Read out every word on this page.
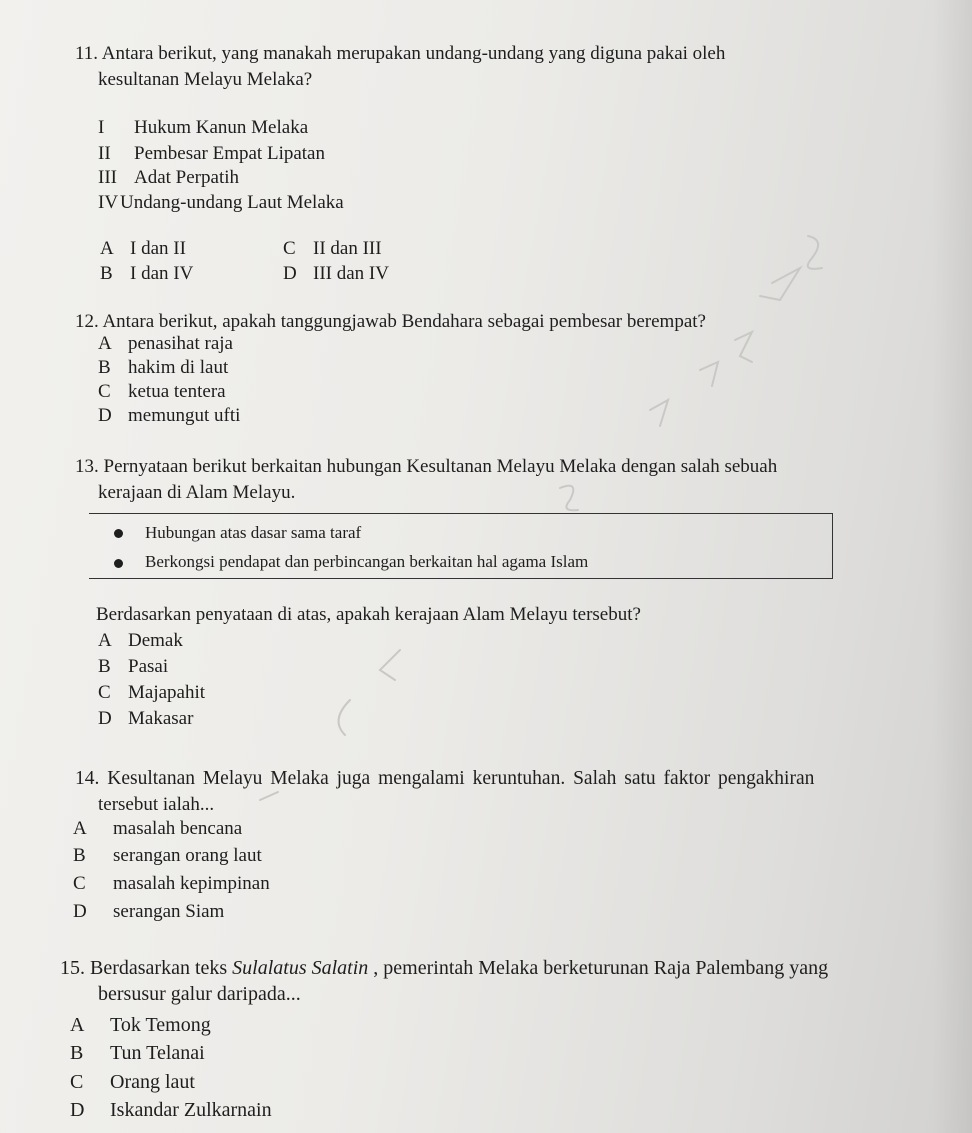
11. Antara berikut, yang manakah merupakan undang-undang yang diguna pakai oleh
kesultanan Melayu Melaka?
I Hukum Kanun Melaka
II Pembesar Empat Lipatan
III Adat Perpatih
IV Undang-undang Laut Melaka
A I dan II
B I dan IV
C II dan III
D III dan IV
12. Antara berikut, apakah tanggungjawab Bendahara sebagai pembesar berempat?
A penasihat raja
B hakim di laut
C ketua tentera
D memungut ufti
13. Pernyataan berikut berkaitan hubungan Kesultanan Melayu Melaka dengan salah sebuah
kerajaan di Alam Melayu.
Hubungan atas dasar sama taraf
Berkongsi pendapat dan perbincangan berkaitan hal agama Islam
Berdasarkan penyataan di atas, apakah kerajaan Alam Melayu tersebut?
A Demak
B Pasai
C Majapahit
D Makasar
14. Kesultanan Melayu Melaka juga mengalami keruntuhan. Salah satu faktor pengakhiran
tersebut ialah...
A masalah bencana
B serangan orang laut
C masalah kepimpinan
D serangan Siam
15. Berdasarkan teks Sulalatus Salatin , pemerintah Melaka berketurunan Raja Palembang yang
bersusur galur daripada...
A Tok Temong
B Tun Telanai
C Orang laut
D Iskandar Zulkarnain
